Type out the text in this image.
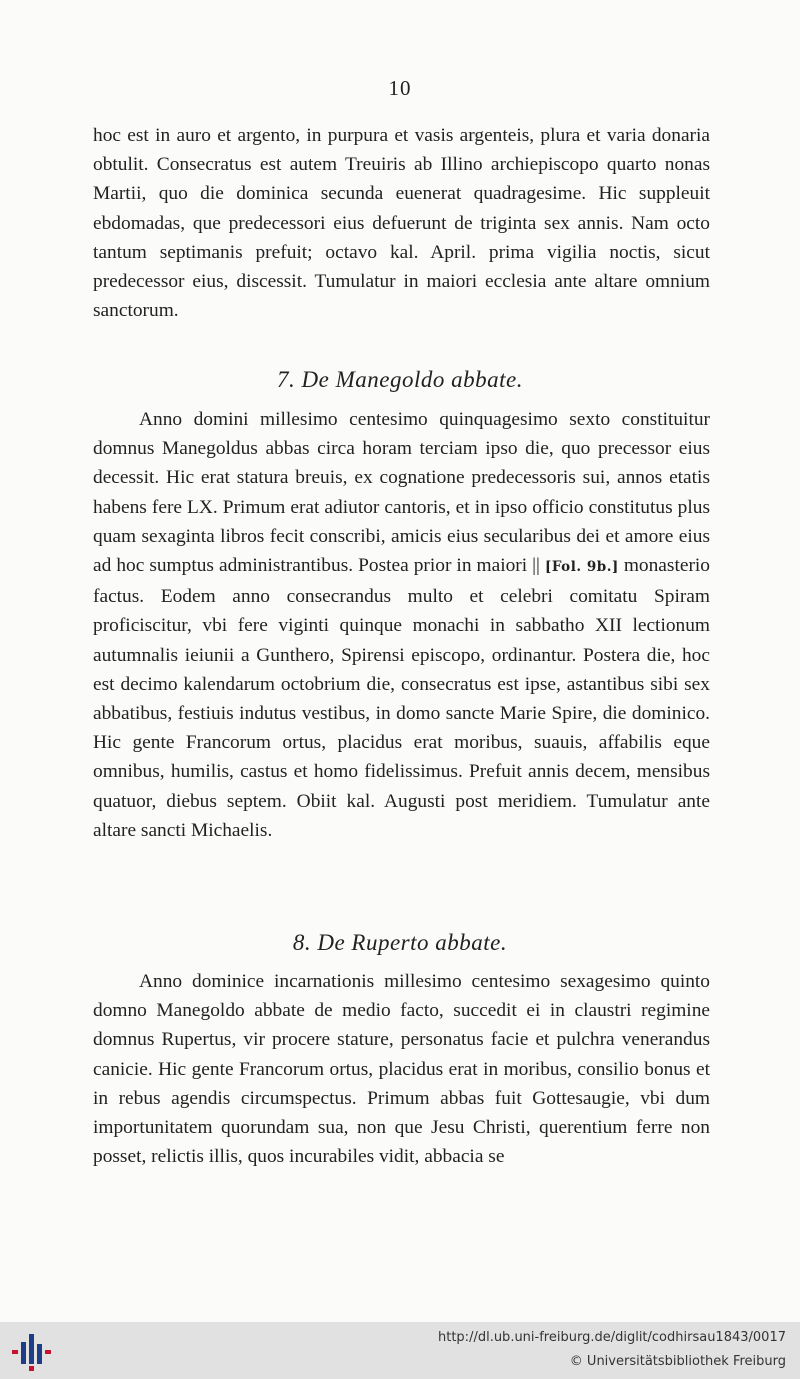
10
hoc est in auro et argento, in purpura et vasis argenteis, plura et varia donaria obtulit. Consecratus est autem Treuiris ab Illino archiepiscopo quarto nonas Martii, quo die dominica secunda euenerat quadragesime. Hic suppleuit ebdomadas, que predecessori eius defuerunt de triginta sex annis. Nam octo tantum septimanis prefuit; octavo kal. April. prima vigilia noctis, sicut predecessor eius, discessit. Tumulatur in maiori ecclesia ante altare omnium sanctorum.
7. De Manegoldo abbate.
Anno domini millesimo centesimo quinquagesimo sexto constituitur domnus Manegoldus abbas circa horam terciam ipso die, quo precessor eius decessit. Hic erat statura breuis, ex cognatione predecessoris sui, annos etatis habens fere LX. Primum erat adiutor cantoris, et in ipso officio constitutus plus quam sexaginta libros fecit conscribi, amicis eius secularibus dei et amore eius ad hoc sumptus administrantibus. Postea prior in maiori || [Fol. 9b.] monasterio factus. Eodem anno consecrandus multo et celebri comitatu Spiram proficiscitur, vbi fere viginti quinque monachi in sabbatho XII lectionum autumnalis ieiunii a Gunthero, Spirensi episcopo, ordinantur. Postera die, hoc est decimo kalendarum octobrium die, consecratus est ipse, astantibus sibi sex abbatibus, festiuis indutus vestibus, in domo sancte Marie Spire, die dominico. Hic gente Francorum ortus, placidus erat moribus, suauis, affabilis eque omnibus, humilis, castus et homo fidelissimus. Prefuit annis decem, mensibus quatuor, diebus septem. Obiit kal. Augusti post meridiem. Tumulatur ante altare sancti Michaelis.
8. De Ruperto abbate.
Anno dominice incarnationis millesimo centesimo sexagesimo quinto domno Manegoldo abbate de medio facto, succedit ei in claustri regimine domnus Rupertus, vir procere stature, personatus facie et pulchra venerandus canicie. Hic gente Francorum ortus, placidus erat in moribus, consilio bonus et in rebus agendis circumspectus. Primum abbas fuit Gottesaugie, vbi dum importunitatem quorundam sua, non que Jesu Christi, querentium ferre non posset, relictis illis, quos incurabiles vidit, abbacia se
http://dl.ub.uni-freiburg.de/diglit/codhirsau1843/0017
© Universitätsbibliothek Freiburg
